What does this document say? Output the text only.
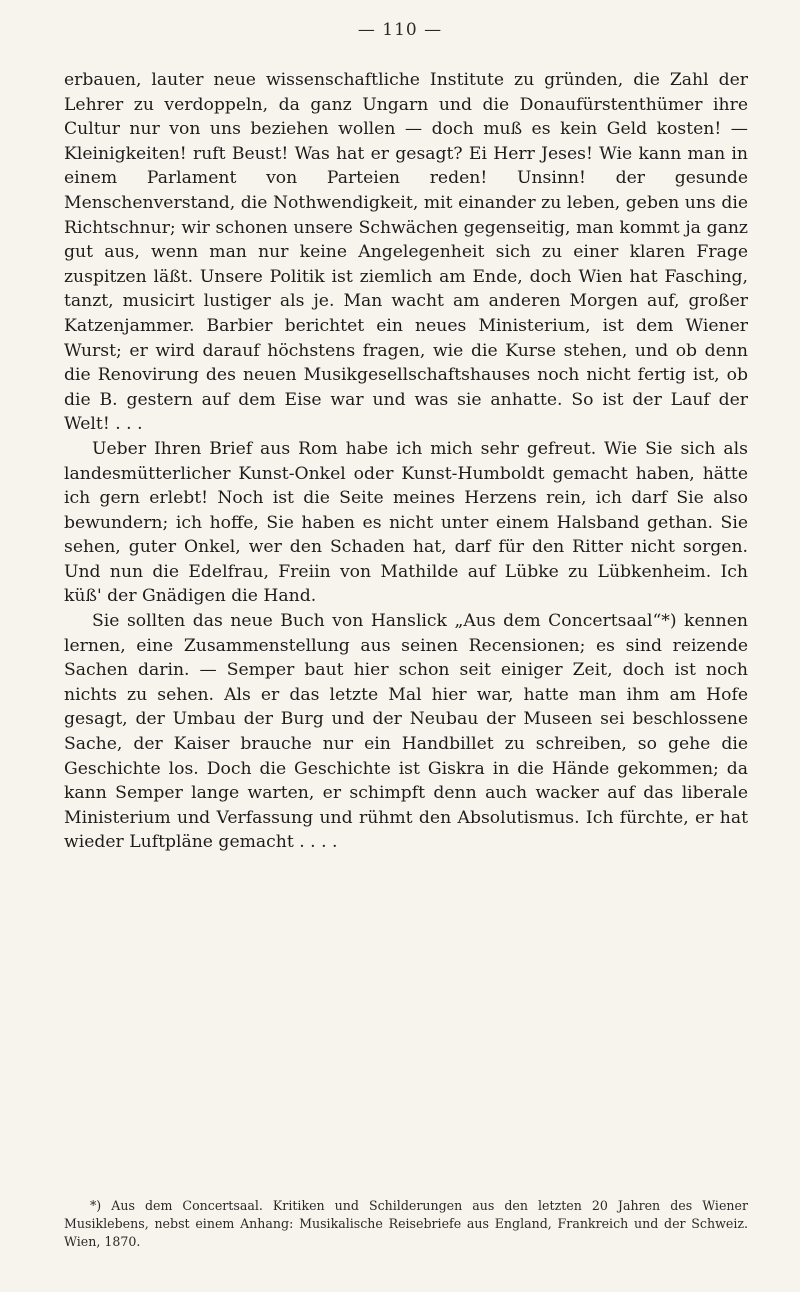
— 110 —

erbauen, lauter neue wissenschaftliche Institute zu gründen, die Zahl der Lehrer zu verdoppeln, da ganz Ungarn und die Donaufürstenthümer ihre Cultur nur von uns beziehen wollen — doch muß es kein Geld kosten! — Kleinigkeiten! ruft Beust! Was hat er gesagt? Ei Herr Jeses! Wie kann man in einem Parlament von Parteien reden! Unsinn! der gesunde Menschenverstand, die Nothwendigkeit, mit einander zu leben, geben uns die Richtschnur; wir schonen unsere Schwächen gegenseitig, man kommt ja ganz gut aus, wenn man nur keine Angelegenheit sich zu einer klaren Frage zuspitzen läßt. Unsere Politik ist ziemlich am Ende, doch Wien hat Fasching, tanzt, musicirt lustiger als je. Man wacht am anderen Morgen auf, großer Katzenjammer. Barbier berichtet ein neues Ministerium, ist dem Wiener Wurst; er wird darauf höchstens fragen, wie die Kurse stehen, und ob denn die Renovirung des neuen Musikgesellschaftshauses noch nicht fertig ist, ob die B. gestern auf dem Eise war und was sie anhatte. So ist der Lauf der Welt! . . .

Ueber Ihren Brief aus Rom habe ich mich sehr gefreut. Wie Sie sich als landesmütterlicher Kunst-Onkel oder Kunst-Humboldt gemacht haben, hätte ich gern erlebt! Noch ist die Seite meines Herzens rein, ich darf Sie also bewundern; ich hoffe, Sie haben es nicht unter einem Halsband gethan. Sie sehen, guter Onkel, wer den Schaden hat, darf für den Ritter nicht sorgen. Und nun die Edelfrau, Freiin von Mathilde auf Lübke zu Lübkenheim. Ich küß' der Gnädigen die Hand.

Sie sollten das neue Buch von Hanslick „Aus dem Concertsaal“*) kennen lernen, eine Zusammenstellung aus seinen Recensionen; es sind reizende Sachen darin. — Semper baut hier schon seit einiger Zeit, doch ist noch nichts zu sehen. Als er das letzte Mal hier war, hatte man ihm am Hofe gesagt, der Umbau der Burg und der Neubau der Museen sei beschlossene Sache, der Kaiser brauche nur ein Handbillet zu schreiben, so gehe die Geschichte los. Doch die Geschichte ist Giskra in die Hände gekommen; da kann Semper lange warten, er schimpft denn auch wacker auf das liberale Ministerium und Verfassung und rühmt den Absolutismus. Ich fürchte, er hat wieder Luftpläne gemacht . . . .

*) Aus dem Concertsaal. Kritiken und Schilderungen aus den letzten 20 Jahren des Wiener Musiklebens, nebst einem Anhang: Musikalische Reisebriefe aus England, Frankreich und der Schweiz. Wien, 1870.
